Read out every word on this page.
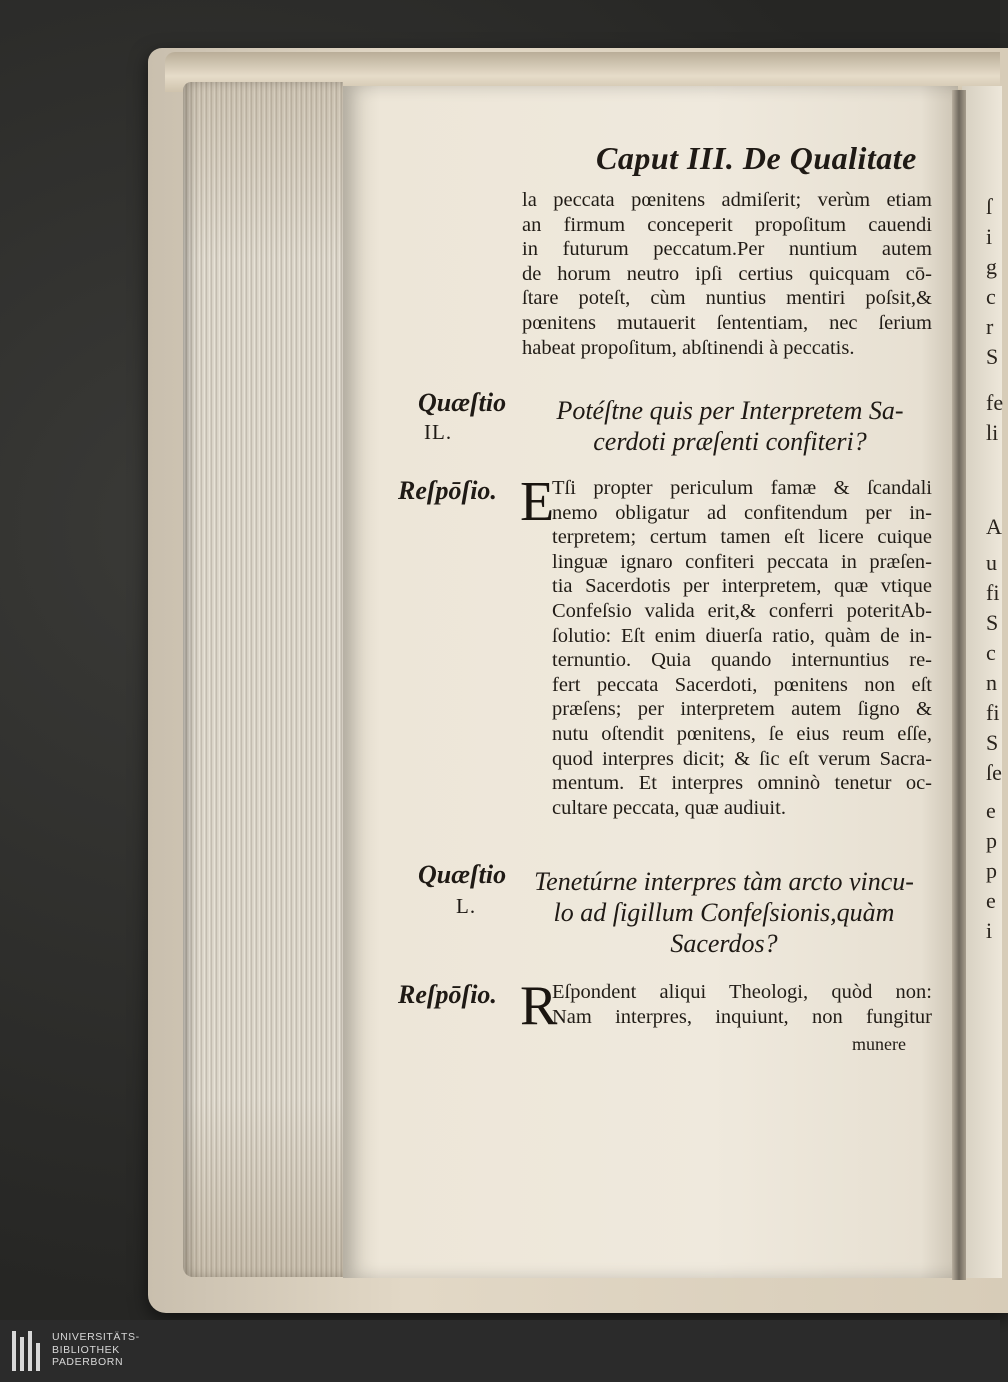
ſ
i
g
c
r
S
fe
li
A
u
fi
S
c
n
fi
S
ſe
e
p
p
e
i
Caput III. De Qualitate
la peccata pœnitens admiſerit; verùm etiam
an firmum conceperit propoſitum cauendi
in futurum peccatum.Per nuntium autem
de horum neutro ipſi certius quicquam cō-
ſtare poteſt, cùm nuntius mentiri poſsit,&
pœnitens mutauerit ſententiam, nec ſerium
habeat propoſitum, abſtinendi à peccatis.
Quæſtio
IL.
Potéſtne quis per Interpretem Sa-
cerdoti præſenti confiteri?
Reſpōſio. E
Tſi propter periculum famæ & ſcandali
nemo obligatur ad confitendum per in-
terpretem; certum tamen eſt licere cuique
linguæ ignaro confiteri peccata in præſen-
tia Sacerdotis per interpretem, quæ vtique
Confeſsio valida erit,& conferri poteritAb-
ſolutio: Eſt enim diuerſa ratio, quàm de in-
ternuntio. Quia quando internuntius re-
fert peccata Sacerdoti, pœnitens non eſt
præſens; per interpretem autem ſigno &
nutu oſtendit pœnitens, ſe eius reum eſſe,
quod interpres dicit; & ſic eſt verum Sacra-
mentum. Et interpres omninò tenetur oc-
cultare peccata, quæ audiuit.
Quæſtio
L.
Tenetúrne interpres tàm arcto vincu-
lo ad ſigillum Confeſsionis,quàm
Sacerdos?
Reſpōſio. R
Eſpondent aliqui Theologi, quòd non:
Nam interpres, inquiunt, non fungitur
munere
UNIVERSITÄTS-
BIBLIOTHEK
PADERBORN
